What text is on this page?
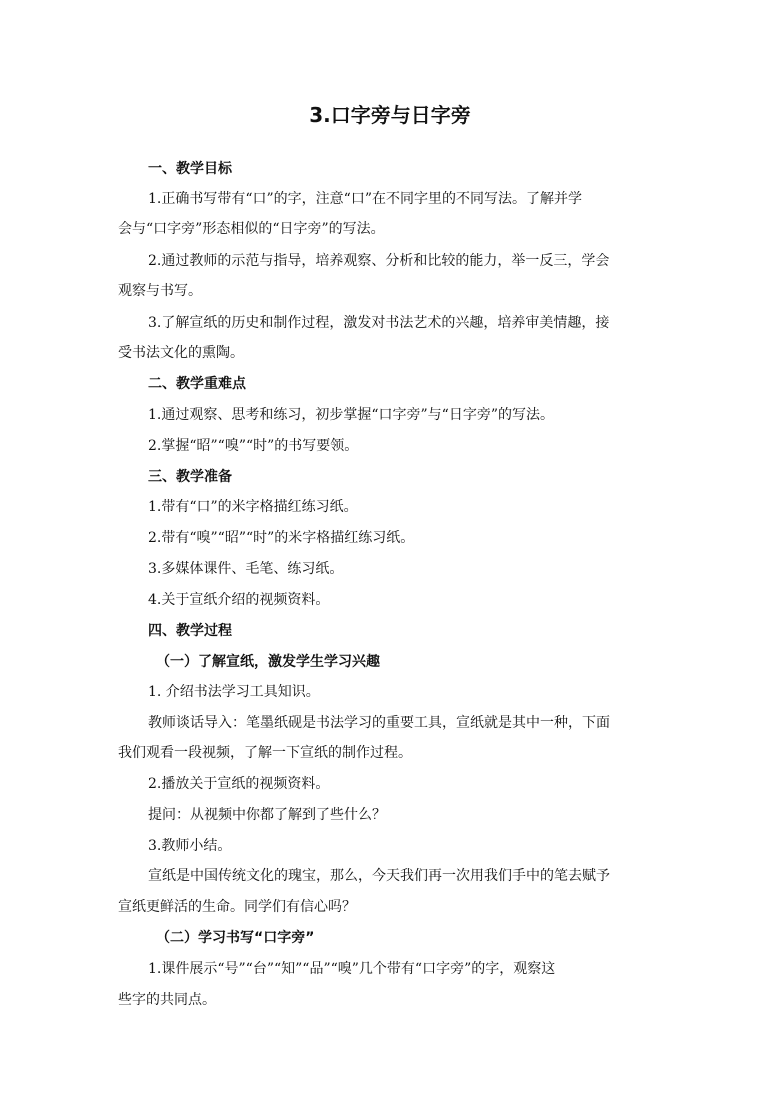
3.口字旁与日字旁
一、教学目标
1.正确书写带有“口”的字，注意“口”在不同字里的不同写法。了解并学
会与“口字旁”形态相似的“日字旁”的写法。
2.通过教师的示范与指导，培养观察、分析和比较的能力，举一反三，学会
观察与书写。
3.了解宣纸的历史和制作过程，激发对书法艺术的兴趣，培养审美情趣，接
受书法文化的熏陶。
二、教学重难点
1.通过观察、思考和练习，初步掌握“口字旁”与“日字旁”的写法。
2.掌握“昭”“嗅”“时”的书写要领。
三、教学准备
1.带有“口”的米字格描红练习纸。
2.带有“嗅”“昭”“时”的米字格描红练习纸。
3.多媒体课件、毛笔、练习纸。
4.关于宣纸介绍的视频资料。
四、教学过程
（一）了解宣纸，激发学生学习兴趣
1. 介绍书法学习工具知识。
教师谈话导入：笔墨纸砚是书法学习的重要工具，宣纸就是其中一种，下面
我们观看一段视频，了解一下宣纸的制作过程。
2.播放关于宣纸的视频资料。
提问：从视频中你都了解到了些什么？
3.教师小结。
宣纸是中国传统文化的瑰宝，那么，今天我们再一次用我们手中的笔去赋予
宣纸更鲜活的生命。同学们有信心吗？
（二）学习书写“口字旁”
1.课件展示“号”“台”“知”“品”“嗅”几个带有“口字旁”的字，观察这
些字的共同点。
